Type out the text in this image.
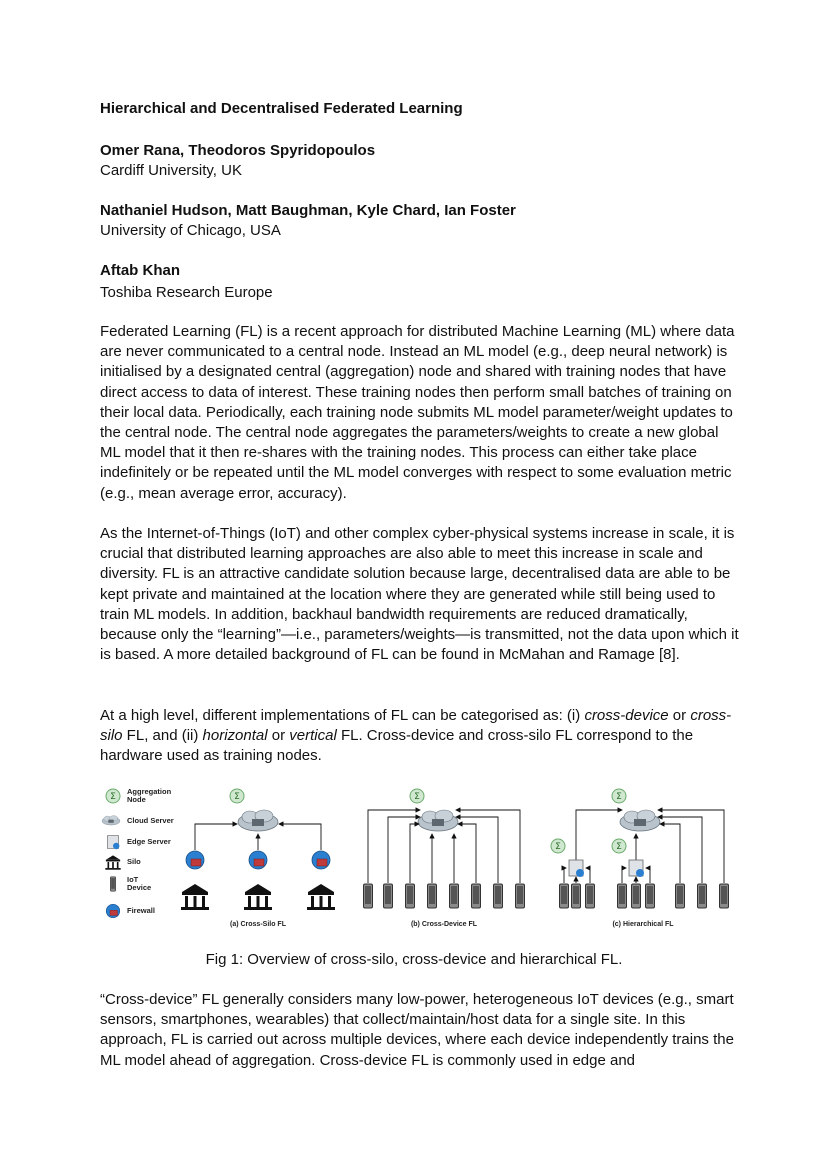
Hierarchical and Decentralised Federated Learning
Omer Rana, Theodoros Spyridopoulos
Cardiff University, UK
Nathaniel Hudson, Matt Baughman, Kyle Chard, Ian Foster
University of Chicago, USA
Aftab Khan
Toshiba Research Europe
Federated Learning (FL) is a recent approach for distributed Machine Learning (ML) where data are never communicated to a central node. Instead an ML model (e.g., deep neural network) is initialised by a designated central (aggregation) node and shared with training nodes that have direct access to data of interest. These training nodes then perform small batches of training on their local data. Periodically, each training node submits ML model parameter/weight updates to the central node. The central node aggregates the parameters/weights to create a new global ML model that it then re-shares with the training nodes. This process can either take place indefinitely or be repeated until the ML model converges with respect to some evaluation metric (e.g., mean average error, accuracy).
As the Internet-of-Things (IoT) and other complex cyber-physical systems increase in scale, it is crucial that distributed learning approaches are also able to meet this increase in scale and diversity. FL is an attractive candidate solution because large, decentralised data are able to be kept private and maintained at the location where they are generated while still being used to train ML models. In addition, backhaul bandwidth requirements are reduced dramatically, because only the “learning”—i.e., parameters/weights—is transmitted, not the data upon which it is based. A more detailed background of FL can be found in McMahan and Ramage [8].
At a high level, different implementations of FL can be categorised as: (i) cross-device or cross-silo FL, and (ii) horizontal or vertical FL. Cross-device and cross-silo FL correspond to the hardware used as training nodes.
Σ
Aggregation
Node
Cloud Server
Edge Server
Silo
IoT
Device
Firewall
(a) Cross-Silo FL	(b) Cross-Device FL	(c) Hierarchical FL
Fig 1: Overview of cross-silo, cross-device and hierarchical FL.
“Cross-device” FL generally considers many low-power, heterogeneous IoT devices (e.g., smart sensors, smartphones, wearables) that collect/maintain/host data for a single site. In this approach, FL is carried out across multiple devices, where each device independently trains the ML model ahead of aggregation. Cross-device FL is commonly used in edge and
